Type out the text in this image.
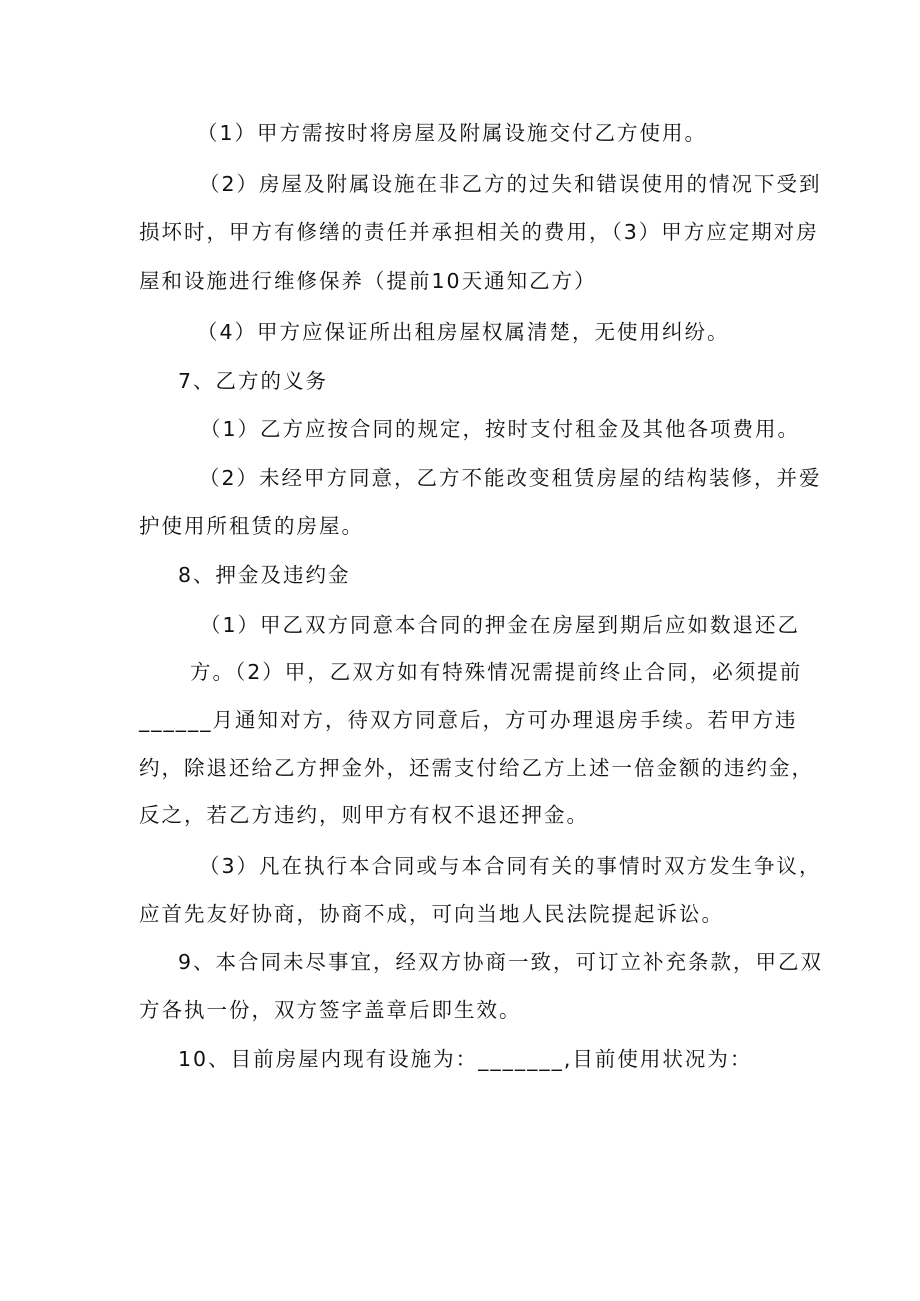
（1）甲方需按时将房屋及附属设施交付乙方使用。
（2）房屋及附属设施在非乙方的过失和错误使用的情况下受到
损坏时，甲方有修缮的责任并承担相关的费用，（3）甲方应定期对房
屋和设施进行维修保养（提前10天通知乙方）
（4）甲方应保证所出租房屋权属清楚，无使用纠纷。
7、乙方的义务
（1）乙方应按合同的规定，按时支付租金及其他各项费用。
（2）未经甲方同意，乙方不能改变租赁房屋的结构装修，并爱
护使用所租赁的房屋。
8、押金及违约金
（1）甲乙双方同意本合同的押金在房屋到期后应如数退还乙
方。（2）甲，乙双方如有特殊情况需提前终止合同，必须提前
______月通知对方，待双方同意后，方可办理退房手续。若甲方违
约，除退还给乙方押金外，还需支付给乙方上述一倍金额的违约金，
反之，若乙方违约，则甲方有权不退还押金。
（3）凡在执行本合同或与本合同有关的事情时双方发生争议，
应首先友好协商，协商不成，可向当地人民法院提起诉讼。
9、本合同未尽事宜，经双方协商一致，可订立补充条款，甲乙双
方各执一份，双方签字盖章后即生效。
10、目前房屋内现有设施为：_______,目前使用状况为：
